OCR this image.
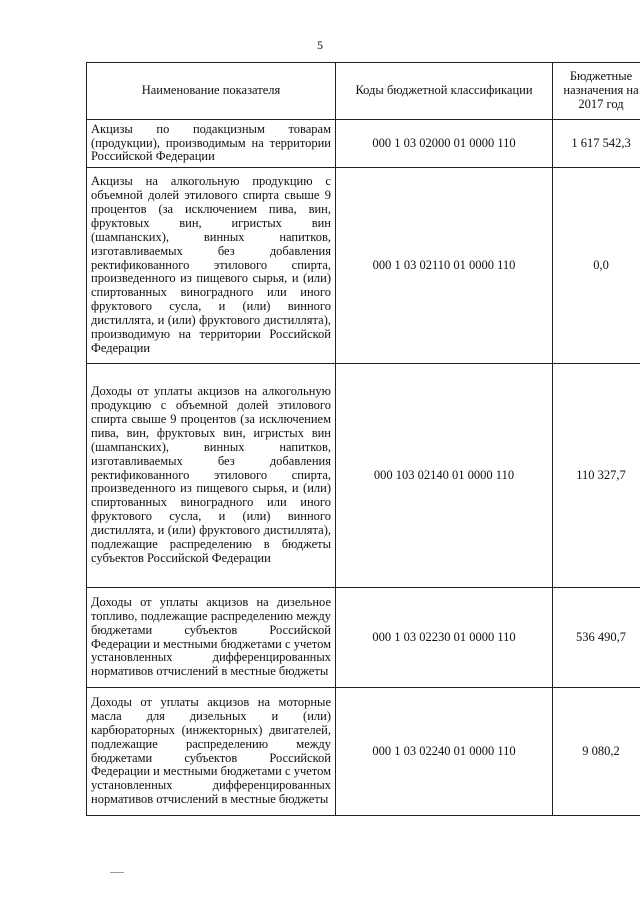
5
Наименование показателя	Коды бюджетной классификации	Бюджетные назначения на 2017 год
Акцизы по подакцизным товарам (продукции), производимым на территории Российской Федерации	000 1 03 02000 01 0000 110	1 617 542,3
Акцизы на алкогольную продукцию с объемной долей этилового спирта свыше 9 процентов (за исключением пива, вин, фруктовых вин, игристых вин (шампанских), винных напитков, изготавливаемых без добавления ректификованного этилового спирта, произведенного из пищевого сырья, и (или) спиртованных виноградного или иного фруктового сусла, и (или) винного дистиллята, и (или) фруктового дистиллята), производимую на территории Российской Федерации	000 1 03 02110 01 0000 110	0,0
Доходы от уплаты акцизов на алкогольную продукцию с объемной долей этилового спирта свыше 9 процентов (за исключением пива, вин, фруктовых вин, игристых вин (шампанских), винных напитков, изготавливаемых без добавления ректификованного этилового спирта, произведенного из пищевого сырья, и (или) спиртованных виноградного или иного фруктового сусла, и (или) винного дистиллята, и (или) фруктового дистиллята), подлежащие распределению в бюджеты субъектов Российской Федерации	000 103 02140 01 0000 110	110 327,7
Доходы от уплаты акцизов на дизельное топливо, подлежащие распределению между бюджетами субъектов Российской Федерации и местными бюджетами с учетом установленных дифференцированных нормативов отчислений в местные бюджеты	000 1 03 02230 01 0000 110	536 490,7
Доходы от уплаты акцизов на моторные масла для дизельных и (или) карбюраторных (инжекторных) двигателей, подлежащие распределению между бюджетами субъектов Российской Федерации и местными бюджетами с учетом установленных дифференцированных нормативов отчислений в местные бюджеты	000 1 03 02240 01 0000 110	9 080,2
